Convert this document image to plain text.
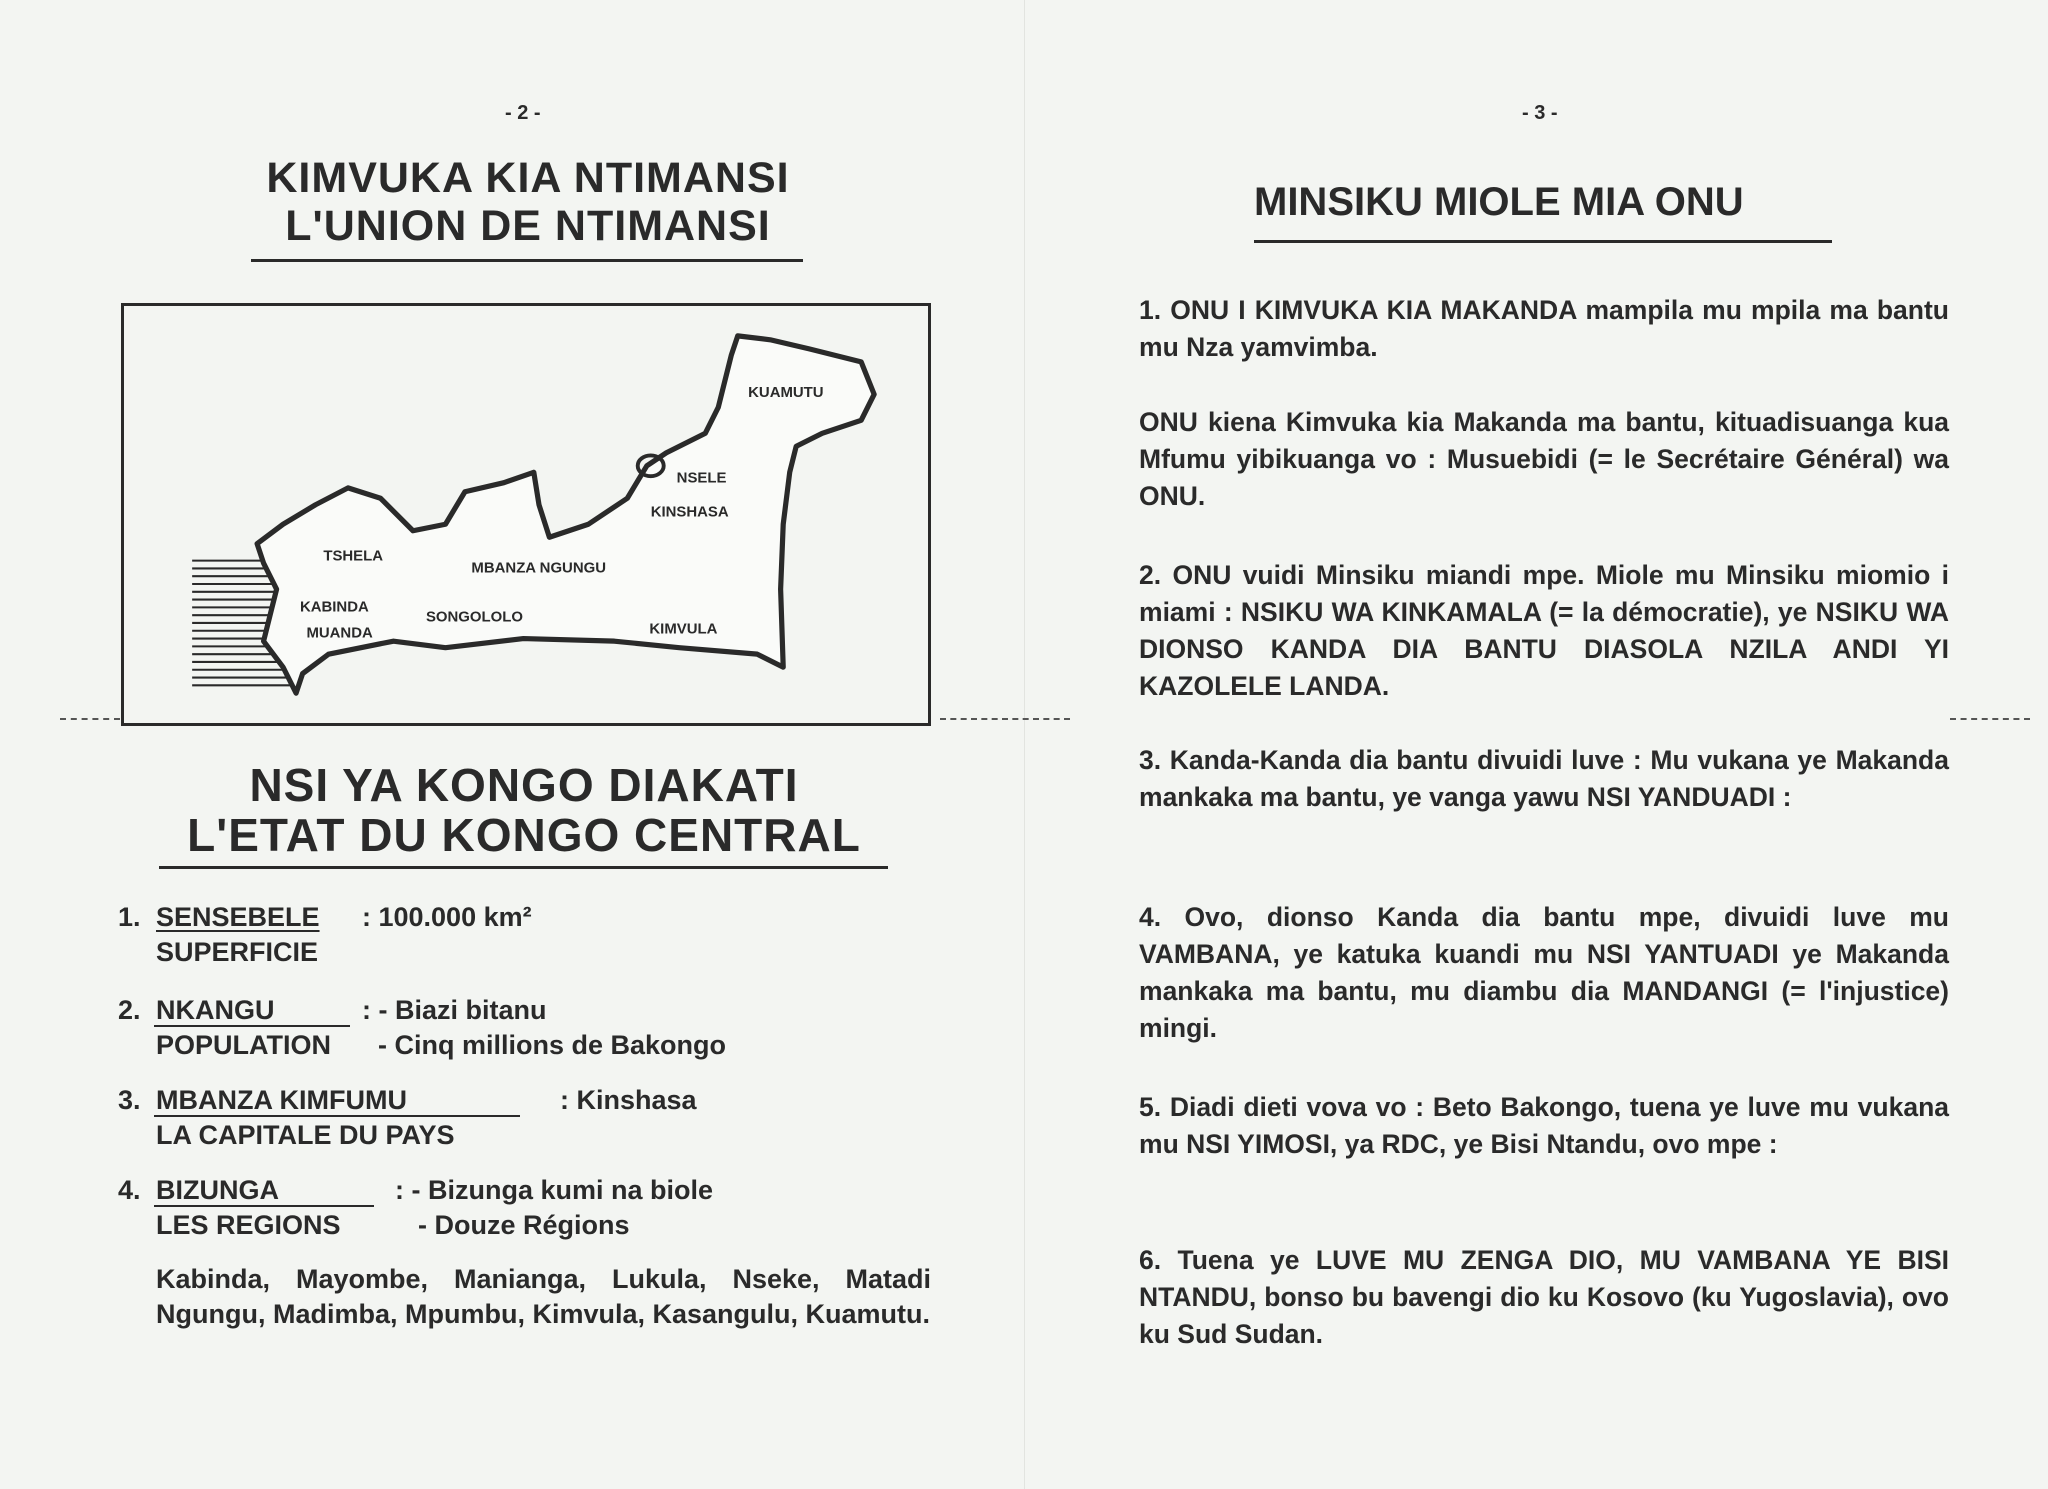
- 2 -
KIMVUKA KIA NTIMANSI
L'UNION DE NTIMANSI
KUAMUTU
NSELE
KINSHASA
TSHELA
MBANZA NGUNGU
KABINDA
MUANDA
SONGOLOLO
KIMVULA
NSI YA KONGO DIAKATI
L'ETAT DU KONGO CENTRAL
1. SENSEBELE
SUPERFICIE
: 100.000 km²
2. NKANGU
POPULATION
: - Biazi bitanu
- Cinq millions de Bakongo
3. MBANZA KIMFUMU
LA CAPITALE DU PAYS
: Kinshasa
4. BIZUNGA
LES REGIONS
: - Bizunga kumi na biole
- Douze Régions
Kabinda, Mayombe, Manianga, Lukula, Nseke, Matadi Ngungu, Madimba, Mpumbu, Kimvula, Kasangulu, Kuamutu.
- 3 -
MINSIKU MIOLE MIA ONU
1. ONU I KIMVUKA KIA MAKANDA mampila mu mpila ma bantu mu Nza yamvimba.
ONU kiena Kimvuka kia Makanda ma bantu, kituadisuanga kua Mfumu yibikuanga vo : Musuebidi (= le Secrétaire Général) wa ONU.
2. ONU vuidi Minsiku miandi mpe. Miole mu Minsiku miomio i miami : NSIKU WA KINKAMALA (= la démocratie), ye NSIKU WA DIONSO KANDA DIA BANTU DIASOLA NZILA ANDI YI KAZOLELE LANDA.
3. Kanda-Kanda dia bantu divuidi luve : Mu vukana ye Makanda mankaka ma bantu, ye vanga yawu NSI YANDUADI :
4. Ovo, dionso Kanda dia bantu mpe, divuidi luve mu VAMBANA, ye katuka kuandi mu NSI YANTUADI ye Makanda mankaka ma bantu, mu diambu dia MANDANGI (= l'injustice) mingi.
5. Diadi dieti vova vo : Beto Bakongo, tuena ye luve mu vukana mu NSI YIMOSI, ya RDC, ye Bisi Ntandu, ovo mpe :
6. Tuena ye LUVE MU ZENGA DIO, MU VAMBANA YE BISI NTANDU, bonso bu bavengi dio ku Kosovo (ku Yugoslavia), ovo ku Sud Sudan.
